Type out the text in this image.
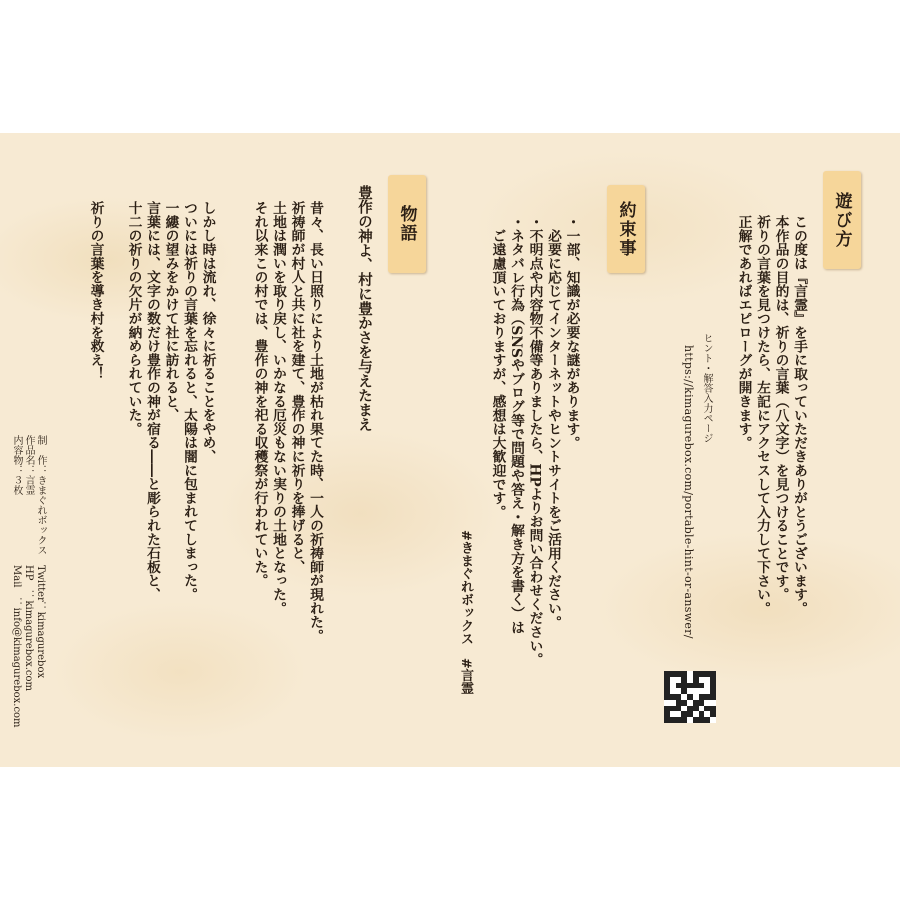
遊び方
この度は『言霊』を手に取っていただきありがとうございます。
本作品の目的は、祈りの言葉（八文字）を見つけることです。
祈りの言葉を見つけたら、左記にアクセスして入力して下さい。
正解であればエピローグが開きます。
ヒント・解答入力ページ
https://kimagurebox.com/portable-hint-or-answer/
約束事
・一部、知識が必要な謎があります。
　必要に応じてインターネットやヒントサイトをご活用ください。
・不明点や内容物不備等ありましたら、HPよりお問い合わせください。
・ネタバレ行為（SNSやブログ等で問題や答え・解き方を書く）は
　ご遠慮頂いておりますが、感想は大歓迎です。
#きまぐれボックス　#言霊
物語
豊作の神よ、村に豊かさを与えたまえ
昔々、長い日照りにより土地が枯れ果てた時、一人の祈祷師が現れた。
祈祷師が村人と共に社を建て、豊作の神に祈りを捧げると、
土地は潤いを取り戻し、いかなる厄災もない実りの土地となった。
それ以来この村では、豊作の神を祀る収穫祭が行われていた。
しかし時は流れ、徐々に祈ることをやめ、
ついには祈りの言葉を忘れると、太陽は闇に包まれてしまった。
一縷の望みをかけて社に訪れると、
言葉には、文字の数だけ豊作の神が宿る――と彫られた石板と、
十二の祈りの欠片が納められていた。
祈りの言葉を導き村を救え！
制　作：きまぐれボックス　Twitter：kimagurebox
作品名：言霊　　　　　　　HP　：kimagurebox.com
内容物：３枚　　　　　　　Mail　：info@kimagurebox.com
